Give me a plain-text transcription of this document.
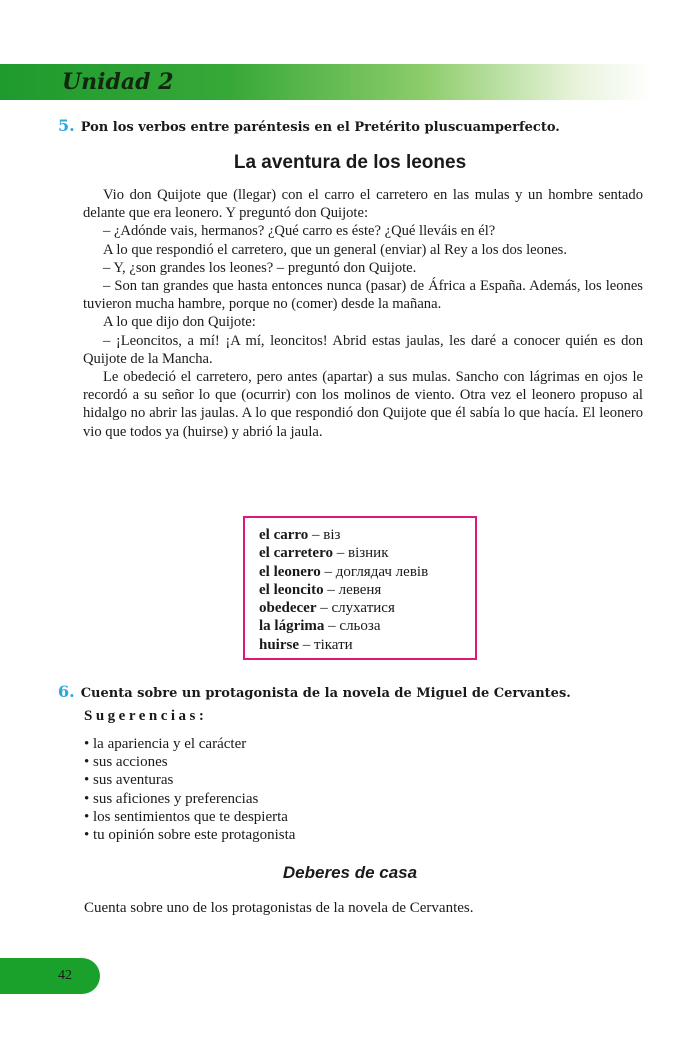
Unidad 2
5. Pon los verbos entre paréntesis en el Pretérito pluscuamperfecto.
La aventura de los leones

Vio don Quijote que (llegar) con el carro el carretero en las mulas y un hombre sentado delante que era leonero. Y preguntó don Quijote:

– ¿Adónde vais, hermanos? ¿Qué carro es éste? ¿Qué lleváis en él?

A lo que respondió el carretero, que un general (enviar) al Rey a los dos leones.

– Y, ¿son grandes los leones? – preguntó don Quijote.

– Son tan grandes que hasta entonces nunca (pasar) de África a España. Además, los leones tuvieron mucha hambre, porque no (comer) desde la mañana.

A lo que dijo don Quijote:

– ¡Leoncitos, a mí! ¡A mí, leoncitos! Abrid estas jaulas, les daré a conocer quién es don Quijote de la Mancha.

Le obedeció el carretero, pero antes (apartar) a sus mulas. Sancho con lágrimas en ojos le recordó a su señor lo que (ocurrir) con los molinos de viento. Otra vez el leonero propuso al hidalgo no abrir las jaulas. A lo que respondió don Quijote que él sabía lo que hacía. El leonero vio que todos ya (huirse) y abrió la jaula.

el carro – віз
el carretero – візник
el leonero – доглядач левів
el leoncito – левеня
obedecer – слухатися
la lágrima – сльоза
huirse – тікати
6. Cuenta sobre un protagonista de la novela de Miguel de Cervantes.
Sugerencias:
• la apariencia y el carácter
• sus acciones
• sus aventuras
• sus aficiones y preferencias
• los sentimientos que te despierta
• tu opinión sobre este protagonista
Deberes de casa
Cuenta sobre uno de los protagonistas de la novela de Cervantes.
42
